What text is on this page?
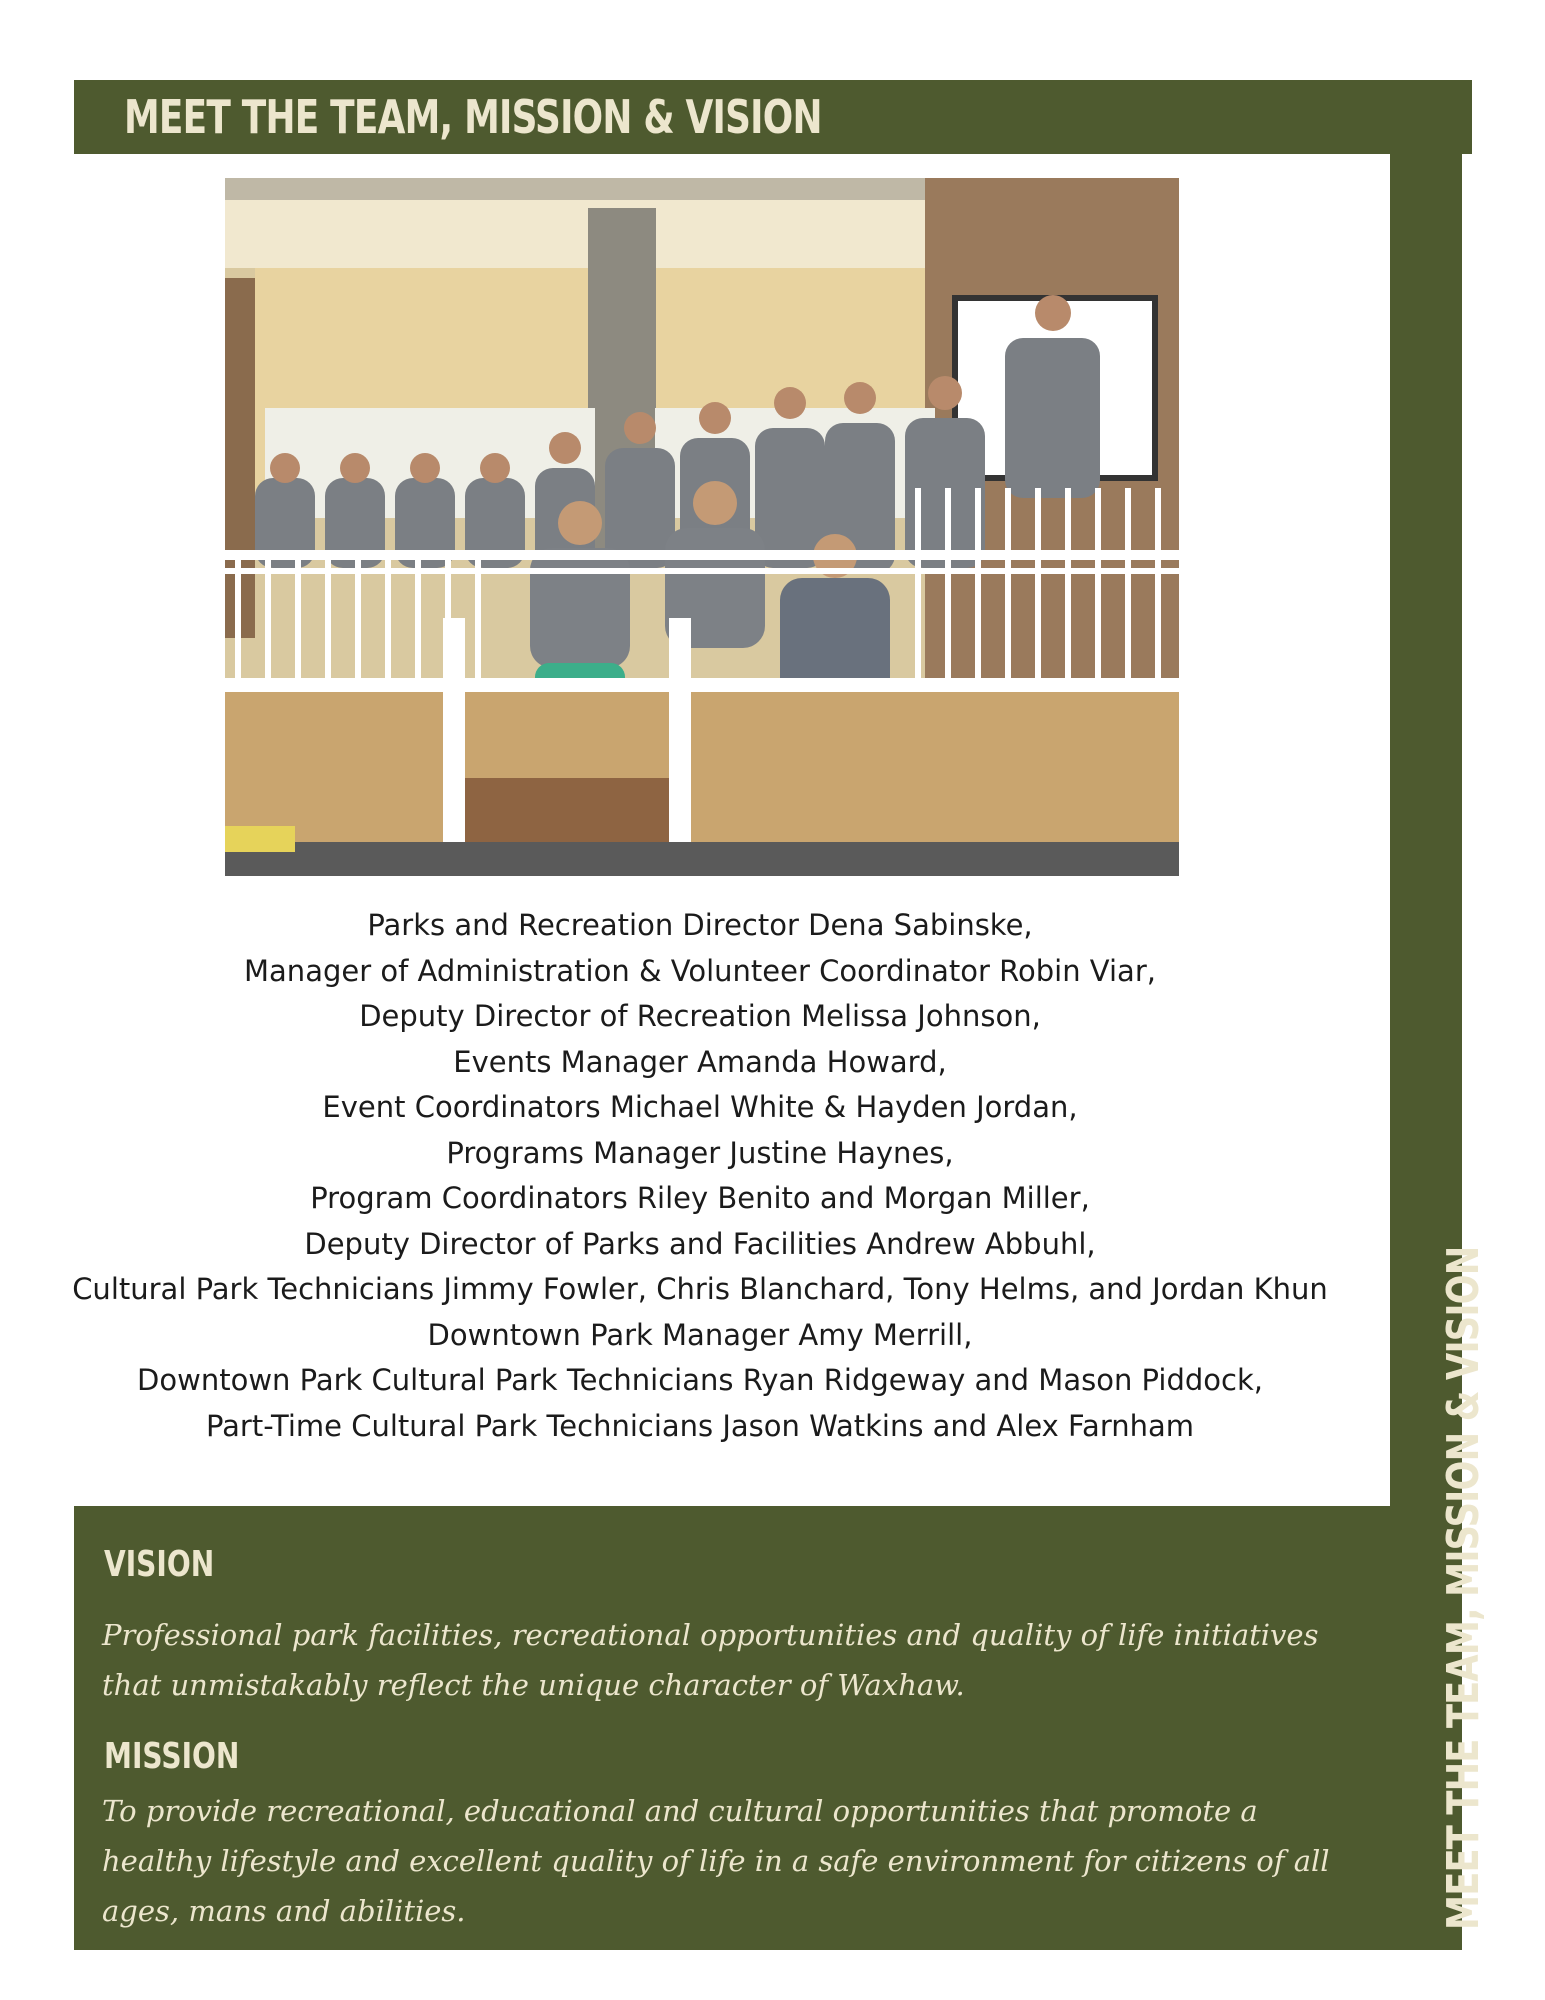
MEET THE TEAM, MISSION & VISION
MEET THE TEAM, MISSION & VISION
Parks and Recreation Director Dena Sabinske,
Manager of Administration & Volunteer Coordinator Robin Viar,
Deputy Director of Recreation Melissa Johnson,
Events Manager Amanda Howard,
Event Coordinators Michael White & Hayden Jordan,
Programs Manager Justine Haynes,
Program Coordinators Riley Benito and Morgan Miller,
Deputy Director of Parks and Facilities Andrew Abbuhl,
Cultural Park Technicians Jimmy Fowler, Chris Blanchard, Tony Helms, and Jordan Khun
Downtown Park Manager Amy Merrill,
Downtown Park Cultural Park Technicians Ryan Ridgeway and Mason Piddock,
Part-Time Cultural Park Technicians Jason Watkins and Alex Farnham
VISION
Professional park facilities, recreational opportunities and quality of life initiatives that unmistakably reflect the unique character of Waxhaw.
MISSION
To provide recreational, educational and cultural opportunities that promote a healthy lifestyle and excellent quality of life in a safe environment for citizens of all ages, mans and abilities.
